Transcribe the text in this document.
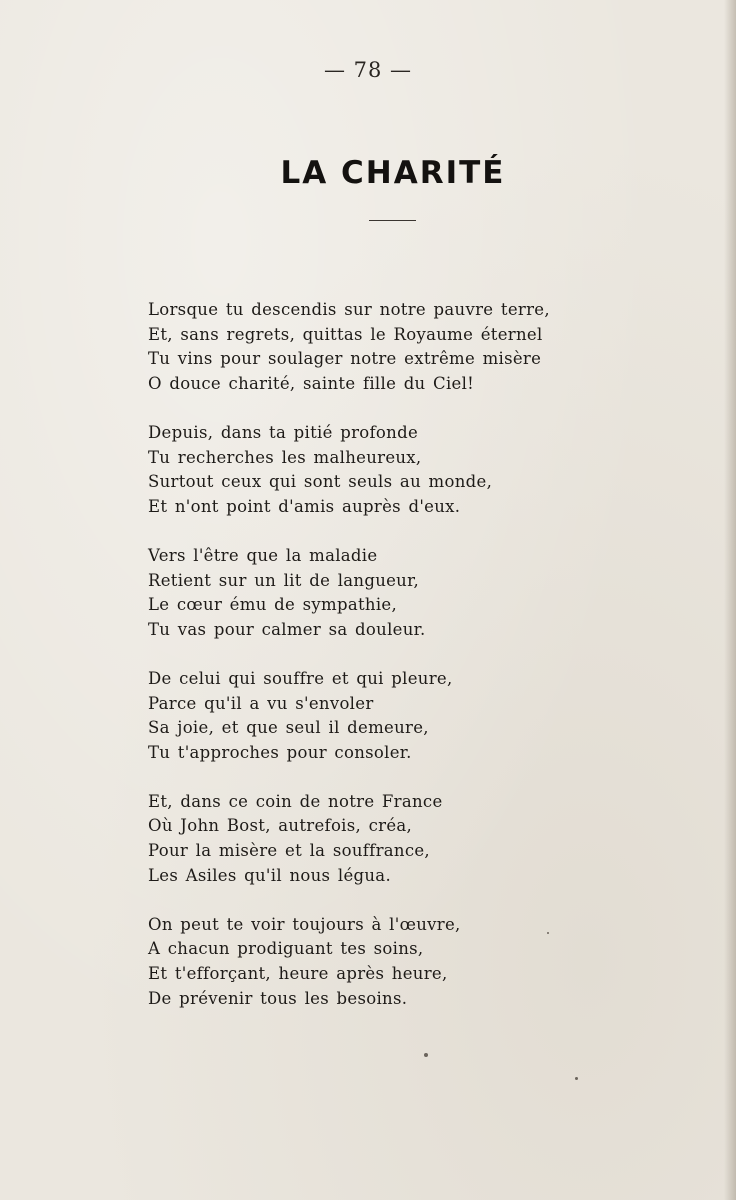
— 78 —
LA CHARITÉ
Lorsque tu descendis sur notre pauvre terre,
Et, sans regrets, quittas le Royaume éternel
Tu vins pour soulager notre extrême misère
O douce charité, sainte fille du Ciel!
Depuis, dans ta pitié profonde
Tu recherches les malheureux,
Surtout ceux qui sont seuls au monde,
Et n'ont point d'amis auprès d'eux.
Vers l'être que la maladie
Retient sur un lit de langueur,
Le cœur ému de sympathie,
Tu vas pour calmer sa douleur.
De celui qui souffre et qui pleure,
Parce qu'il a vu s'envoler
Sa joie, et que seul il demeure,
Tu t'approches pour consoler.
Et, dans ce coin de notre France
Où John Bost, autrefois, créa,
Pour la misère et la souffrance,
Les Asiles qu'il nous légua.
On peut te voir toujours à l'œuvre,
A chacun prodiguant tes soins,
Et t'efforçant, heure après heure,
De prévenir tous les besoins.
